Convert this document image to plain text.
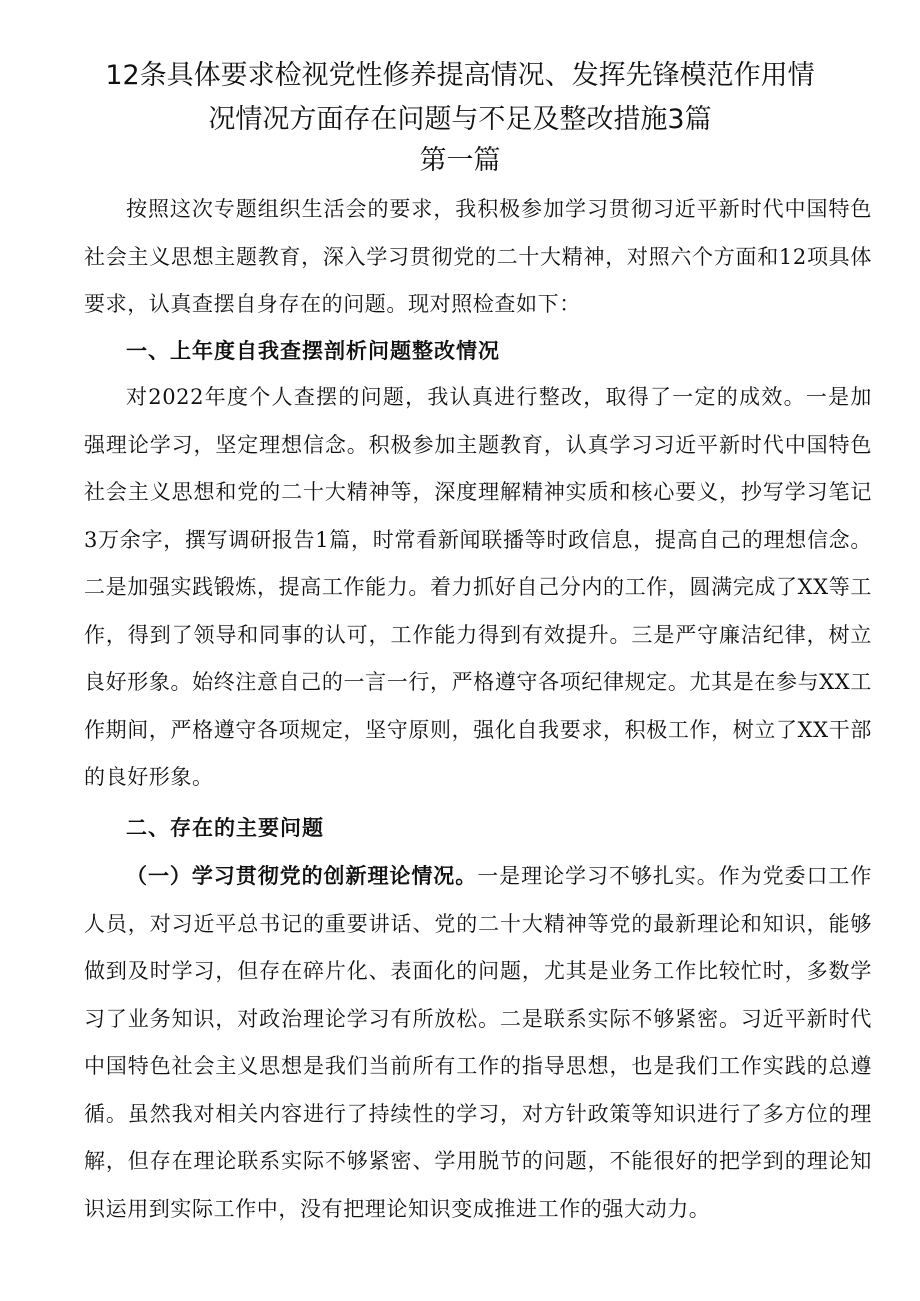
12条具体要求检视党性修养提高情况、发挥先锋模范作用情
况情况方面存在问题与不足及整改措施3篇
第一篇

按照这次专题组织生活会的要求，我积极参加学习贯彻习近平新时代中国特色社会主义思想主题教育，深入学习贯彻党的二十大精神，对照六个方面和12项具体要求，认真查摆自身存在的问题。现对照检查如下：

一、上年度自我查摆剖析问题整改情况

对2022年度个人查摆的问题，我认真进行整改，取得了一定的成效。一是加强理论学习，坚定理想信念。积极参加主题教育，认真学习习近平新时代中国特色社会主义思想和党的二十大精神等，深度理解精神实质和核心要义，抄写学习笔记3万余字，撰写调研报告1篇，时常看新闻联播等时政信息，提高自己的理想信念。二是加强实践锻炼，提高工作能力。着力抓好自己分内的工作，圆满完成了XX等工作，得到了领导和同事的认可，工作能力得到有效提升。三是严守廉洁纪律，树立良好形象。始终注意自己的一言一行，严格遵守各项纪律规定。尤其是在参与XX工作期间，严格遵守各项规定，坚守原则，强化自我要求，积极工作，树立了XX干部的良好形象。

二、存在的主要问题

（一）学习贯彻党的创新理论情况。一是理论学习不够扎实。作为党委口工作人员，对习近平总书记的重要讲话、党的二十大精神等党的最新理论和知识，能够做到及时学习，但存在碎片化、表面化的问题，尤其是业务工作比较忙时，多数学习了业务知识，对政治理论学习有所放松。二是联系实际不够紧密。习近平新时代中国特色社会主义思想是我们当前所有工作的指导思想，也是我们工作实践的总遵循。虽然我对相关内容进行了持续性的学习，对方针政策等知识进行了多方位的理解，但存在理论联系实际不够紧密、学用脱节的问题，不能很好的把学到的理论知识运用到实际工作中，没有把理论知识变成推进工作的强大动力。
